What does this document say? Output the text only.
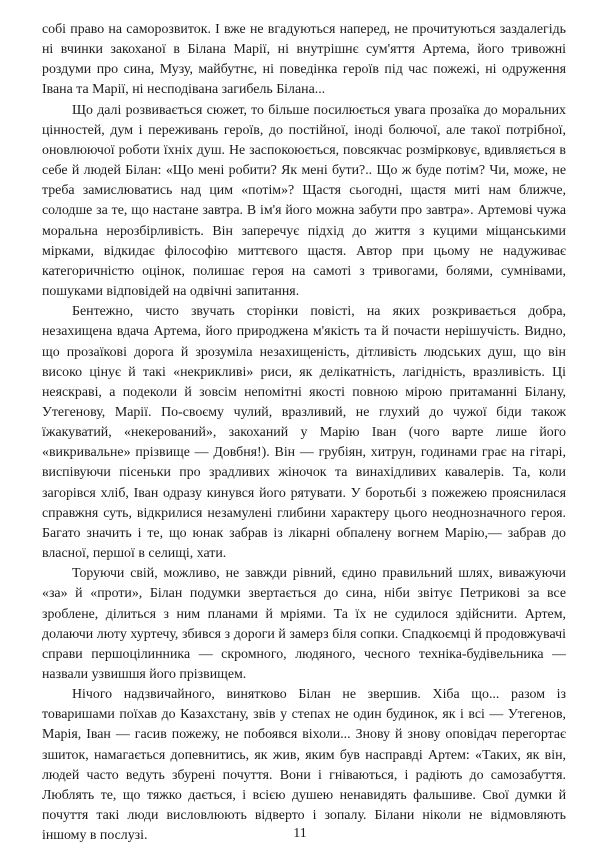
собі право на саморозвиток. І вже не вгадуються наперед, не прочитуються заздалегідь ні вчинки закоханої в Білана Марії, ні внутрішнє сум'яття Артема, його тривожні роздуми про сина, Музу, майбутнє, ні поведінка героїв під час пожежі, ні одруження Івана та Марії, ні несподівана загибель Білана...

Що далі розвивається сюжет, то більше посилюється увага прозаїка до моральних цінностей, дум і переживань героїв, до постійної, іноді болючої, але такої потрібної, оновлюючої роботи їхніх душ. Не заспокоюється, повсякчас розмірковує, вдивляється в себе й людей Білан: «Що мені робити? Як мені бути?.. Що ж буде потім? Чи, може, не треба замислюватись над цим «потім»? Щастя сьогодні, щастя миті нам ближче, солодше за те, що настане завтра. В ім'я його можна забути про завтра». Артемові чужа моральна нерозбірливість. Він заперечує підхід до життя з куцими міщанськими мірками, відкидає філософію миттєвого щастя. Автор при цьому не надуживає категоричністю оцінок, полишає героя на самоті з тривогами, болями, сумнівами, пошуками відповідей на одвічні запитання.

Бентежно, чисто звучать сторінки повісті, на яких розкривається добра, незахищена вдача Артема, його природжена м'якість та й почасти нерішучість. Видно, що прозаїкові дорога й зрозуміла незахищеність, дітливість людських душ, що він високо цінує й такі «некрикливі» риси, як делікатність, лагідність, вразливість. Ці неяскраві, а подеколи й зовсім непомітні якості повною мірою притаманні Білану, Утегенову, Марії. По-своєму чулий, вразливий, не глухий до чужої біди також їжакуватий, «некерований», закоханий у Марію Іван (чого варте лише його «викривальне» прізвище — Довбня!). Він — грубіян, хитрун, годинами грає на гітарі, виспівуючи пісеньки про зрадливих жіночок та винахідливих кавалерів. Та, коли загорівся хліб, Іван одразу кинувся його рятувати. У боротьбі з пожежею прояснилася справжня суть, відкрилися незамулені глибини характеру цього неоднозначного героя. Багато значить і те, що юнак забрав із лікарні обпалену вогнем Марію,— забрав до власної, першої в селищі, хати.

Торуючи свій, можливо, не завжди рівний, єдино правильний шлях, виважуючи «за» й «проти», Білан подумки звертається до сина, ніби звітує Петрикові за все зроблене, ділиться з ним планами й мріями. Та їх не судилося здійснити. Артем, долаючи люту хуртечу, збився з дороги й замерз біля сопки. Спадкоємці й продовжувачі справи першоцілинника — скромного, людяного, чесного техніка-будівельника — назвали узвишшя його прізвищем.

Нічого надзвичайного, винятково Білан не звершив. Хіба що... разом із товаришами поїхав до Казахстану, звів у степах не один будинок, як і всі — Утегенов, Марія, Іван — гасив пожежу, не побоявся віхоли... Знову й знову оповідач перегортає зшиток, намагається допевнитись, як жив, яким був насправді Артем: «Таких, як він, людей часто ведуть збурені почуття. Вони і гніваються, і радіють до самозабуття. Люблять те, що тяжко дається, і всією душею ненавидять фальшиве. Свої думки й почуття такі люди висловлюють відверто і зопалу. Білани ніколи не відмовляють іншому в послузі.	11
